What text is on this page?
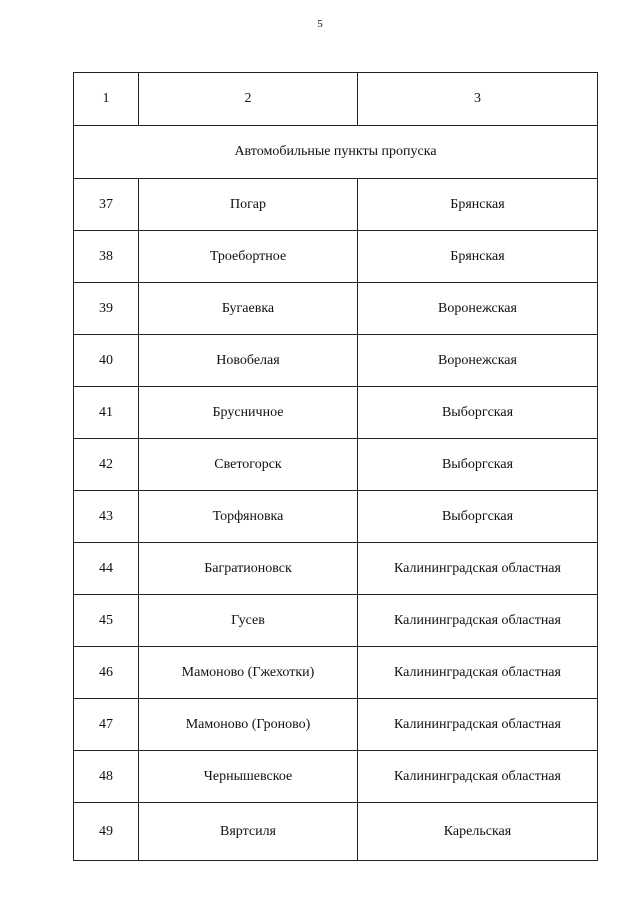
5
1	2	3
Автомобильные пункты пропуска		
37	Погар	Брянская
38	Троебортное	Брянская
39	Бугаевка	Воронежская
40	Новобелая	Воронежская
41	Брусничное	Выборгская
42	Светогорск	Выборгская
43	Торфяновка	Выборгская
44	Багратионовск	Калининградская областная
45	Гусев	Калининградская областная
46	Мамоново (Гжехотки)	Калининградская областная
47	Мамоново (Гроново)	Калининградская областная
48	Чернышевское	Калининградская областная
49	Вяртсиля	Карельская
